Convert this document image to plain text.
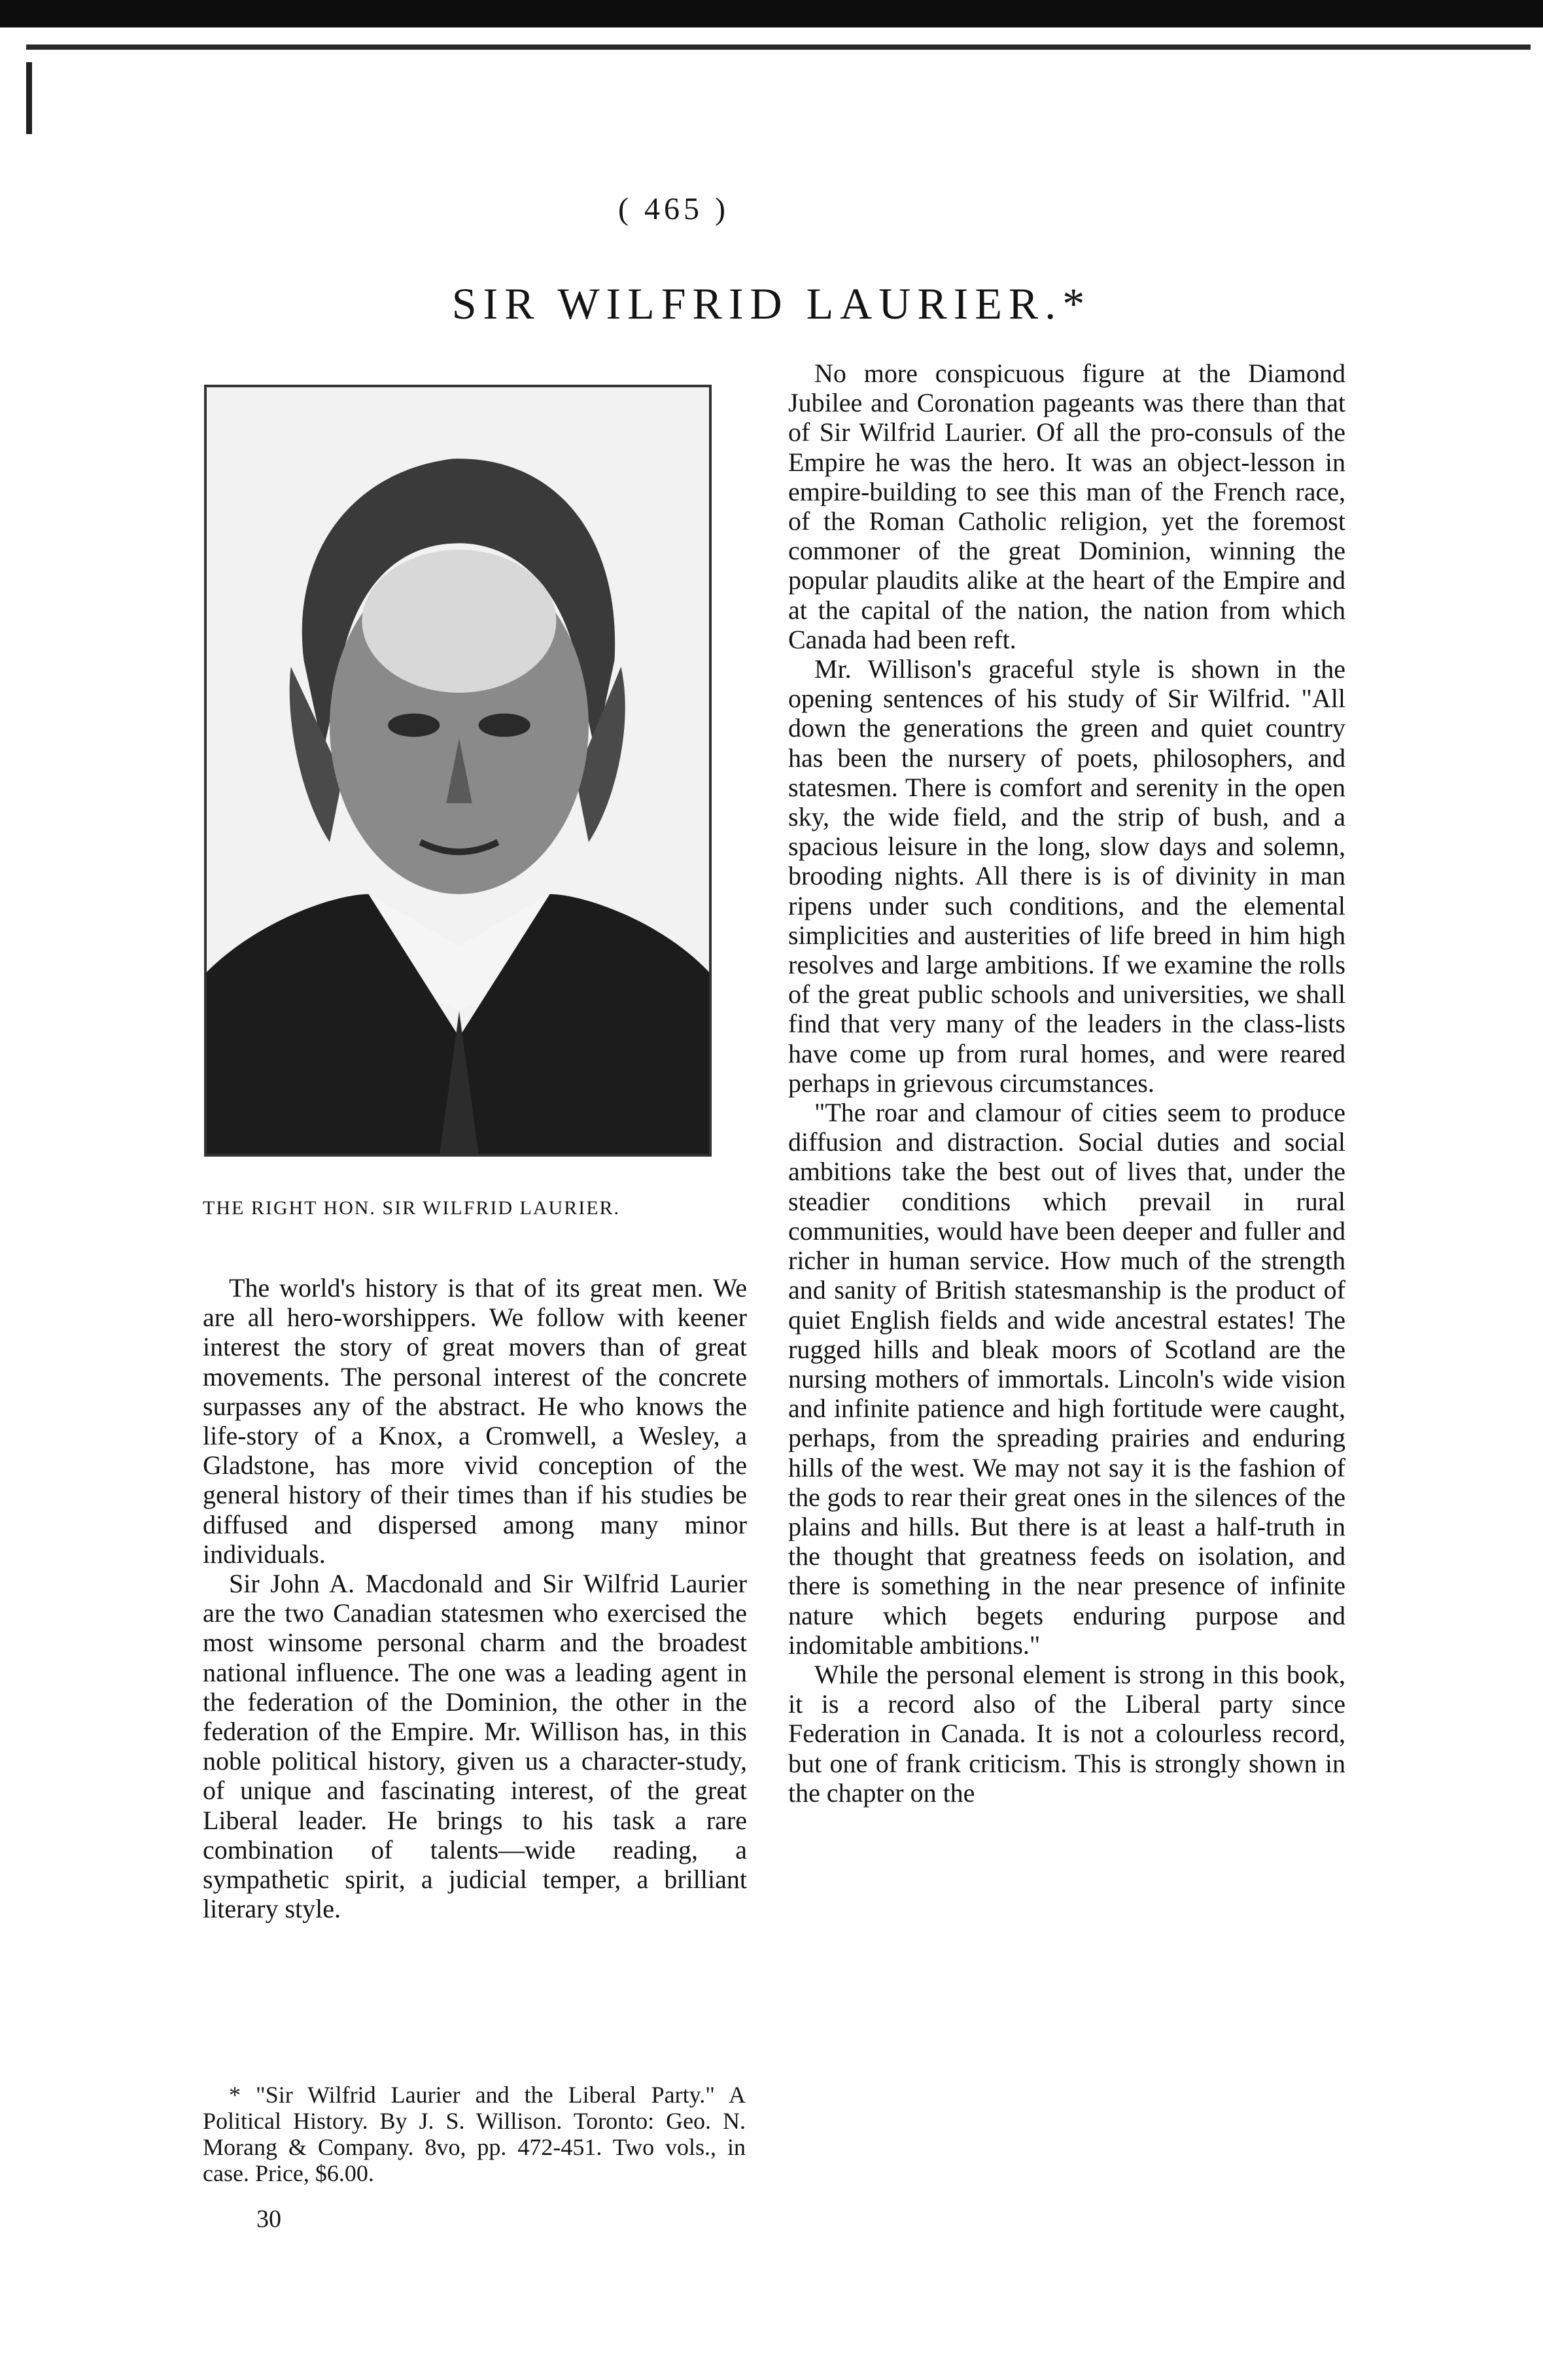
( 465 )
SIR WILFRID LAURIER.*
THE RIGHT HON. SIR WILFRID LAURIER.

The world's history is that of its great men. We are all hero-worshippers. We follow with keener interest the story of great movers than of great movements. The personal interest of the concrete surpasses any of the abstract. He who knows the life-story of a Knox, a Cromwell, a Wesley, a Gladstone, has more vivid conception of the general history of their times than if his studies be diffused and dispersed among many minor individuals.

Sir John A. Macdonald and Sir Wilfrid Laurier are the two Canadian statesmen who exercised the most winsome personal charm and the broadest national influence. The one was a leading agent in the federation of the Dominion, the other in the federation of the Empire. Mr. Willison has, in this noble political history, given us a character-study, of unique and fascinating interest, of the great Liberal leader. He brings to his task a rare combination of talents—wide reading, a sympathetic spirit, a judicial temper, a brilliant literary style.

* "Sir Wilfrid Laurier and the Liberal Party." A Political History. By J. S. Willison. Toronto: Geo. N. Morang & Company. 8vo, pp. 472-451. Two vols., in case. Price, $6.00.

30

No more conspicuous figure at the Diamond Jubilee and Coronation pageants was there than that of Sir Wilfrid Laurier. Of all the pro-consuls of the Empire he was the hero. It was an object-lesson in empire-building to see this man of the French race, of the Roman Catholic religion, yet the foremost commoner of the great Dominion, winning the popular plaudits alike at the heart of the Empire and at the capital of the nation, the nation from which Canada had been reft.

Mr. Willison's graceful style is shown in the opening sentences of his study of Sir Wilfrid. "All down the generations the green and quiet country has been the nursery of poets, philosophers, and statesmen. There is comfort and serenity in the open sky, the wide field, and the strip of bush, and a spacious leisure in the long, slow days and solemn, brooding nights. All there is is of divinity in man ripens under such conditions, and the elemental simplicities and austerities of life breed in him high resolves and large ambitions. If we examine the rolls of the great public schools and universities, we shall find that very many of the leaders in the class-lists have come up from rural homes, and were reared perhaps in grievous circumstances.

"The roar and clamour of cities seem to produce diffusion and distraction. Social duties and social ambitions take the best out of lives that, under the steadier conditions which prevail in rural communities, would have been deeper and fuller and richer in human service. How much of the strength and sanity of British statesmanship is the product of quiet English fields and wide ancestral estates! The rugged hills and bleak moors of Scotland are the nursing mothers of immortals. Lincoln's wide vision and infinite patience and high fortitude were caught, perhaps, from the spreading prairies and enduring hills of the west. We may not say it is the fashion of the gods to rear their great ones in the silences of the plains and hills. But there is at least a half-truth in the thought that greatness feeds on isolation, and there is something in the near presence of infinite nature which begets enduring purpose and indomitable ambitions."

While the personal element is strong in this book, it is a record also of the Liberal party since Federation in Canada. It is not a colourless record, but one of frank criticism. This is strongly shown in the chapter on the
